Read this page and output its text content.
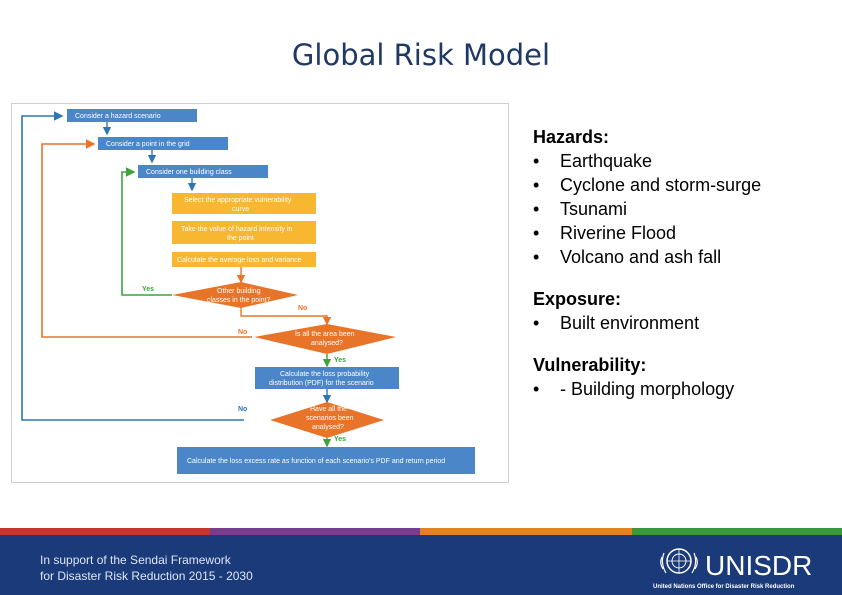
Global Risk Model
Consider a hazard scenario
Consider a point in the grid
Consider one building class
Select the appropriate vulnerability
curve
Take the value of hazard intensity in
the point
Calculate the average loss and variance
Other building
classes in the point?
Yes
No
Is all the area been
analysed?
No
Yes
Calculate the loss probability
distribution (PDF) for the scenario
Have all the
scenarios been
analysed?
No
Yes
Calculate the loss excess rate as function of each scenario's PDF and return period
Hazards:
•	Earthquake
•	Cyclone and storm-surge
•	Tsunami
•	Riverine Flood
•	Volcano and ash fall
Exposure:
•	Built environment
Vulnerability:
•	- Building morphology
In support of the Sendai Framework
for Disaster Risk Reduction 2015 - 2030	UNISDR
United Nations Office for Disaster Risk Reduction
